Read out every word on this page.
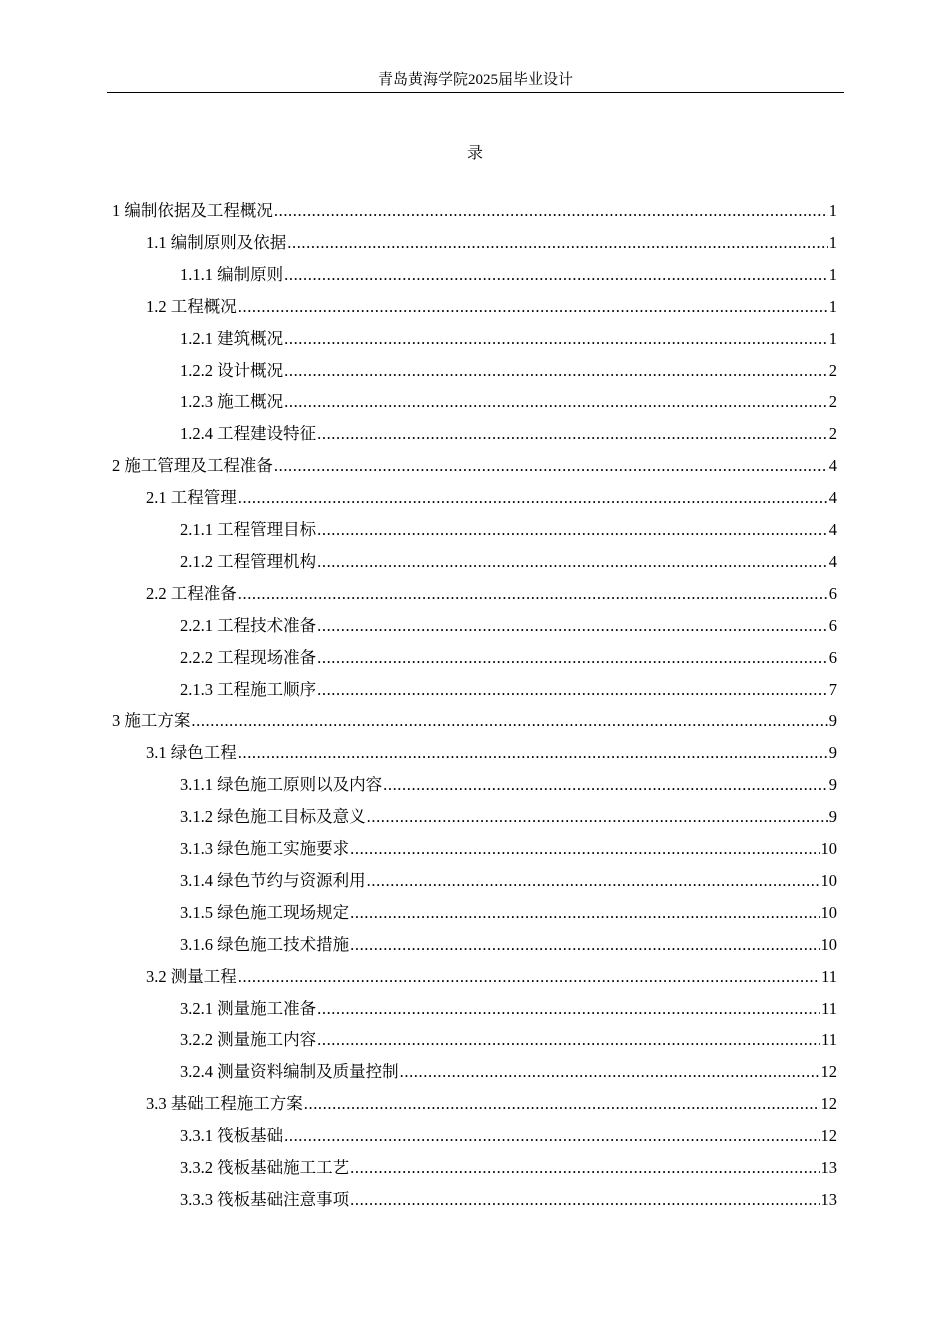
青岛黄海学院2025届毕业设计
录
1 编制依据及工程概况 .....	1
1.1 编制原则及依据 .....	1
1.1.1 编制原则 .....	1
1.2 工程概况 .....	1
1.2.1 建筑概况 .....	1
1.2.2 设计概况 .....	2
1.2.3 施工概况 .....	2
1.2.4 工程建设特征 .....	2
2 施工管理及工程准备 .....	4
2.1 工程管理 .....	4
2.1.1 工程管理目标 .....	4
2.1.2 工程管理机构 .....	4
2.2 工程准备 .....	6
2.2.1 工程技术准备 .....	6
2.2.2 工程现场准备 .....	6
2.1.3 工程施工顺序 .....	7
3 施工方案 .....	9
3.1 绿色工程 .....	9
3.1.1 绿色施工原则以及内容 .....	9
3.1.2 绿色施工目标及意义 .....	9
3.1.3 绿色施工实施要求 .....	10
3.1.4 绿色节约与资源利用 .....	10
3.1.5 绿色施工现场规定 .....	10
3.1.6 绿色施工技术措施 .....	10
3.2 测量工程 .....	11
3.2.1 测量施工准备 .....	11
3.2.2 测量施工内容 .....	11
3.2.4 测量资料编制及质量控制 .....	12
3.3 基础工程施工方案 .....	12
3.3.1 筏板基础 .....	12
3.3.2 筏板基础施工工艺 .....	13
3.3.3 筏板基础注意事项 .....	13
